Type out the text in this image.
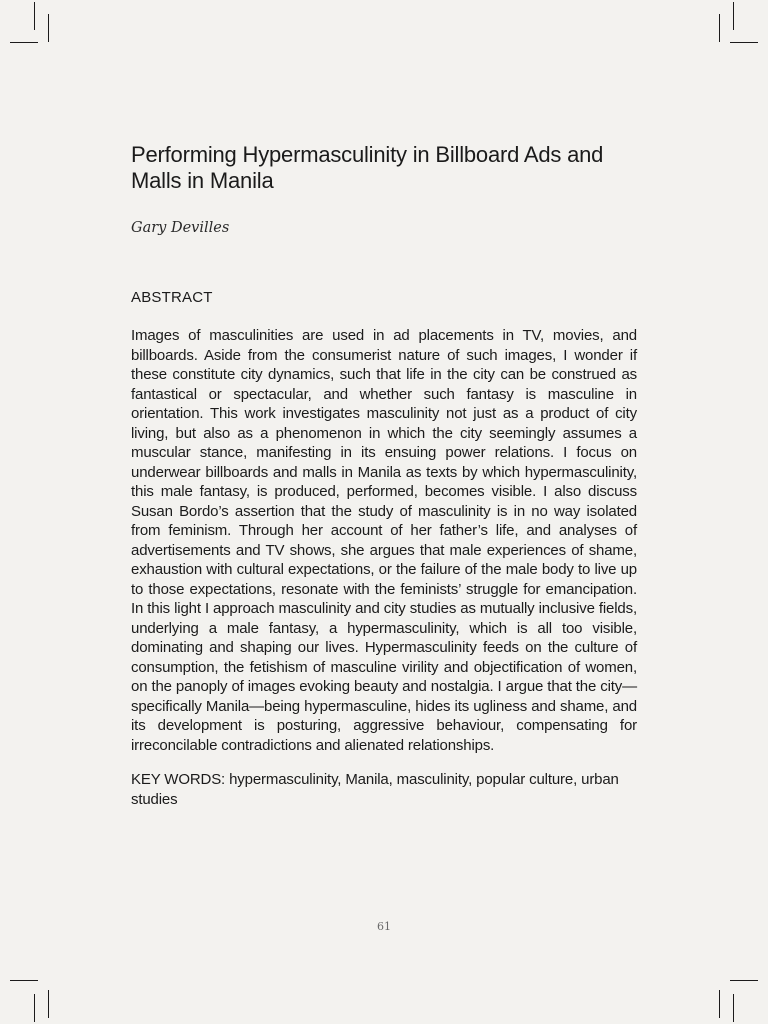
Performing Hypermasculinity in Billboard Ads and Malls in Manila
Gary Devilles
ABSTRACT

Images of masculinities are used in ad placements in TV, movies, and billboards. Aside from the consumerist nature of such images, I wonder if these constitute city dynamics, such that life in the city can be construed as fantastical or spectacular, and whether such fantasy is masculine in orientation. This work investigates masculinity not just as a product of city living, but also as a phenomenon in which the city seemingly assumes a muscular stance, manifesting in its ensuing power relations. I focus on underwear billboards and malls in Manila as texts by which hypermasculinity, this male fantasy, is produced, performed, becomes visible. I also discuss Susan Bordo’s assertion that the study of masculinity is in no way isolated from feminism. Through her account of her father’s life, and analyses of advertisements and TV shows, she argues that male experiences of shame, exhaustion with cultural expectations, or the failure of the male body to live up to those expectations, resonate with the feminists’ struggle for emancipation. In this light I approach masculinity and city studies as mutually inclusive fields, underlying a male fantasy, a hypermasculinity, which is all too visible, dominating and shaping our lives. Hypermasculinity feeds on the culture of consumption, the fetishism of masculine virility and objectification of women, on the panoply of images evoking beauty and nostalgia. I argue that the city—specifically Manila—being hypermasculine, hides its ugliness and shame, and its development is posturing, aggressive behaviour, compensating for irreconcilable contradictions and alienated relationships.

KEY WORDS: hypermasculinity, Manila, masculinity, popular culture, urban studies
61
